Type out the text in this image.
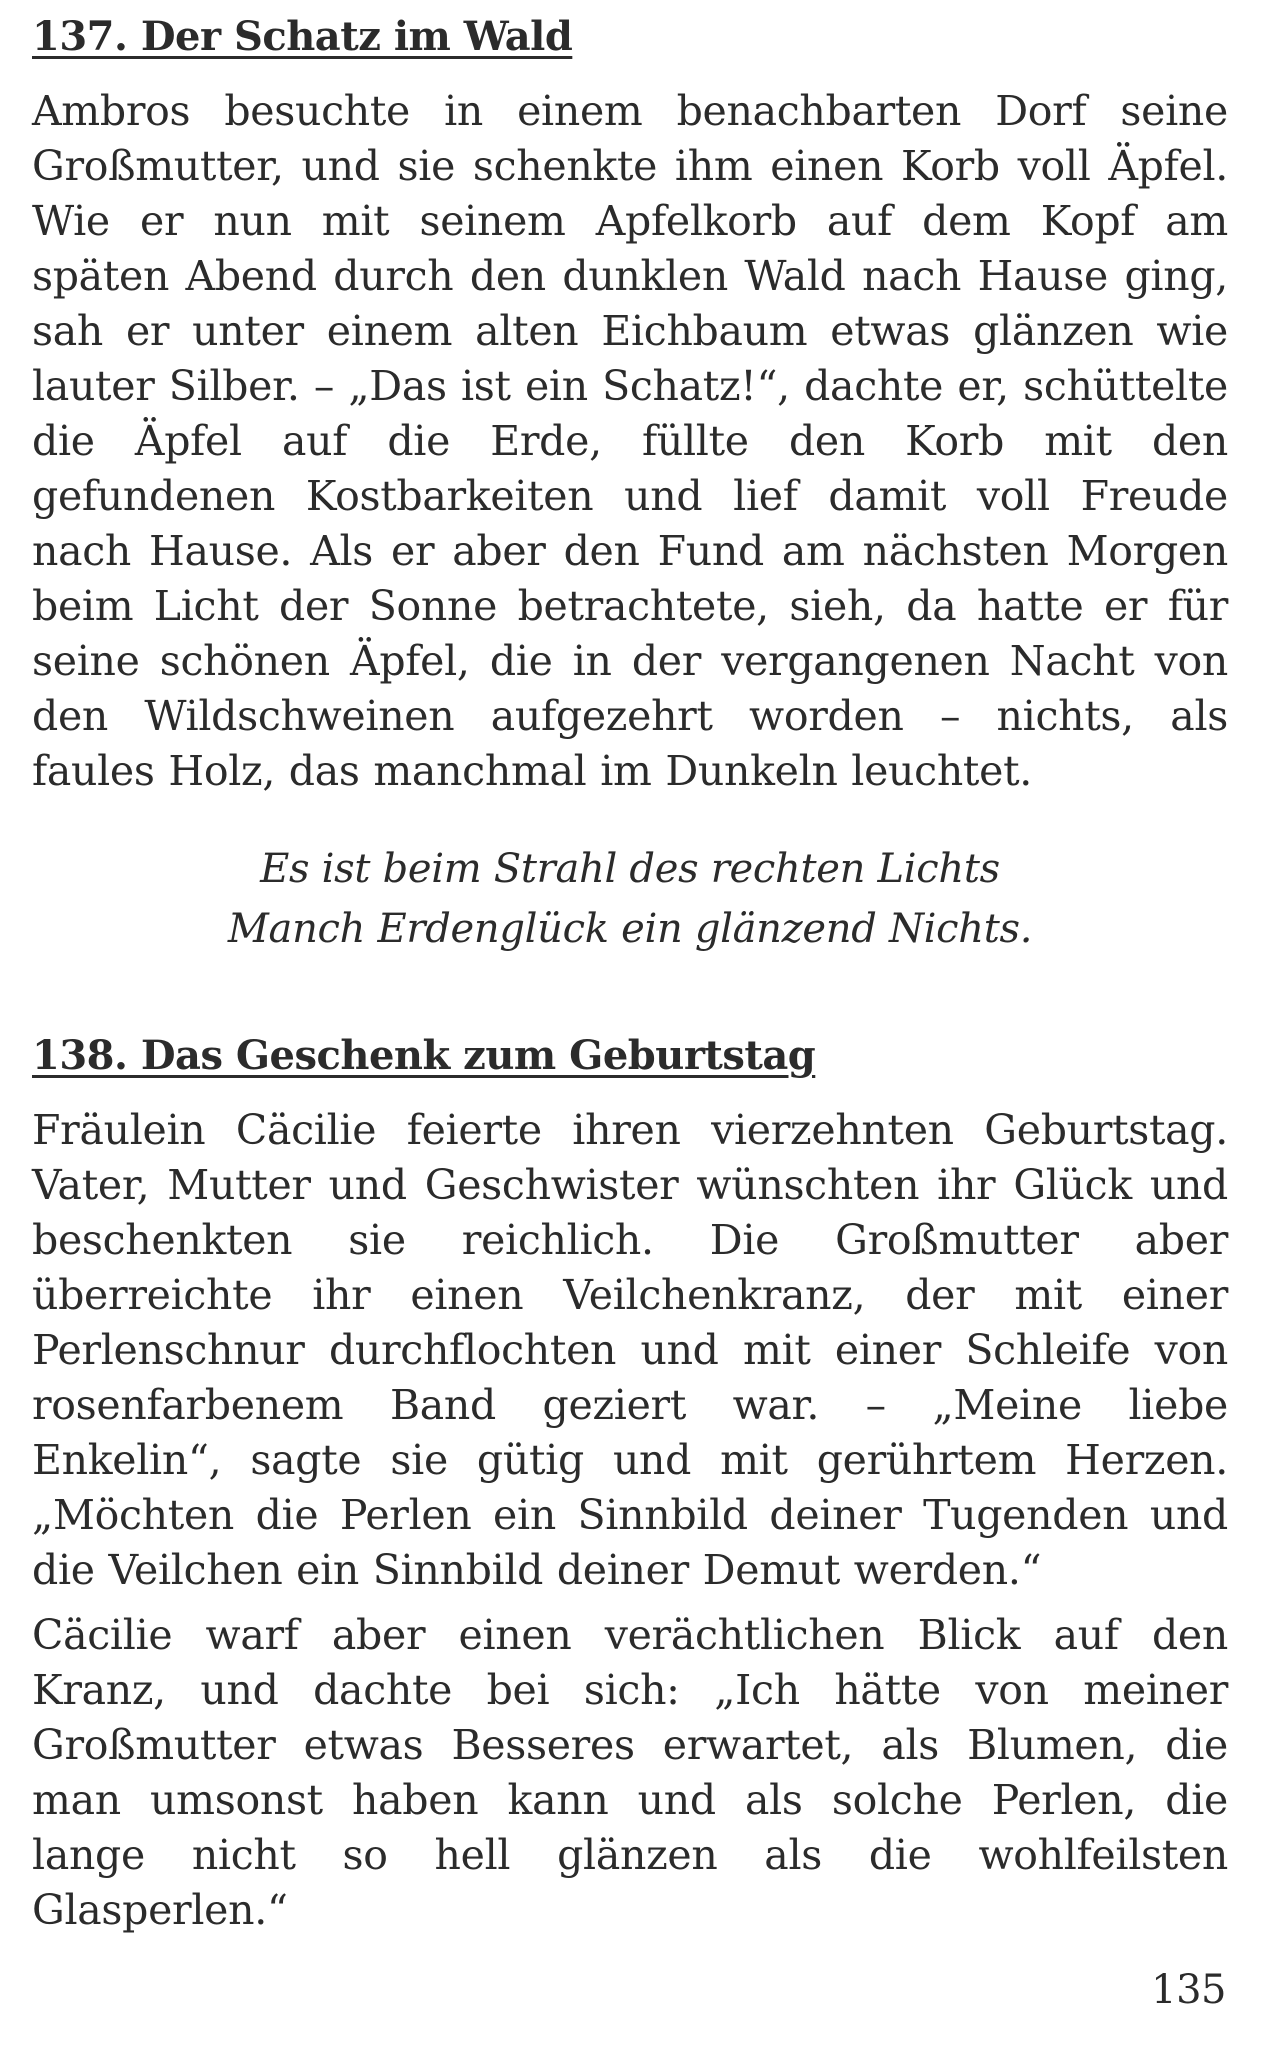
137. Der Schatz im Wald

Ambros besuchte in einem benachbarten Dorf seine Großmutter, und sie schenkte ihm einen Korb voll Äpfel. Wie er nun mit seinem Apfelkorb auf dem Kopf am späten Abend durch den dunklen Wald nach Hause ging, sah er unter einem alten Eichbaum etwas glänzen wie lauter Silber. – „Das ist ein Schatz!“, dachte er, schüttelte die Äpfel auf die Erde, füllte den Korb mit den gefundenen Kostbarkeiten und lief damit voll Freude nach Hause. Als er aber den Fund am nächsten Morgen beim Licht der Sonne betrachtete, sieh, da hatte er für seine schönen Äpfel, die in der vergangenen Nacht von den Wildschweinen aufgezehrt worden – nichts, als faules Holz, das manchmal im Dunkeln leuchtet.

Es ist beim Strahl des rechten Lichts
Manch Erdenglück ein glänzend Nichts.
138. Das Geschenk zum Geburtstag

Fräulein Cäcilie feierte ihren vierzehnten Geburtstag. Vater, Mutter und Geschwister wünschten ihr Glück und beschenkten sie reichlich. Die Großmutter aber überreichte ihr einen Veilchenkranz, der mit einer Perlenschnur durchflochten und mit einer Schleife von rosenfarbenem Band geziert war. – „Meine liebe Enkelin“, sagte sie gütig und mit gerührtem Herzen. „Möchten die Perlen ein Sinnbild deiner Tugenden und die Veilchen ein Sinnbild deiner Demut werden.“

Cäcilie warf aber einen verächtlichen Blick auf den Kranz, und dachte bei sich: „Ich hätte von meiner Großmutter etwas Besseres erwartet, als Blumen, die man umsonst haben kann und als solche Perlen, die lange nicht so hell glänzen als die wohlfeilsten Glasperlen.“

135
